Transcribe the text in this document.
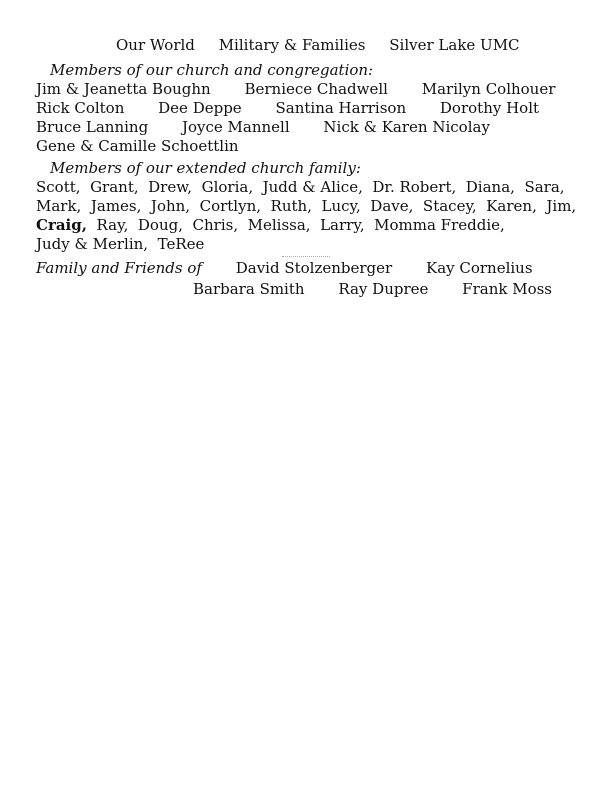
Our World Military & Families Silver Lake UMC
Members of our church and congregation:
Jim & Jeanetta Boughn Berniece Chadwell Marilyn Colhouer
Rick Colton Dee Deppe Santina Harrison Dorothy Holt
Bruce Lanning Joyce Mannell Nick & Karen Nicolay
Gene & Camille Schoettlin
Members of our extended church family:
Scott,  Grant,  Drew,  Gloria,  Judd & Alice,  Dr. Robert,  Diana,  Sara,
Mark,  James,  John,  Cortlyn,  Ruth,  Lucy,  Dave,  Stacey,  Karen,  Jim,
Craig,  Ray,  Doug,  Chris,  Melissa,  Larry,  Momma Freddie,
Judy & Merlin,  TeRee
Family and Friends of David Stolzenberger Kay Cornelius
Barbara Smith Ray Dupree Frank Moss
